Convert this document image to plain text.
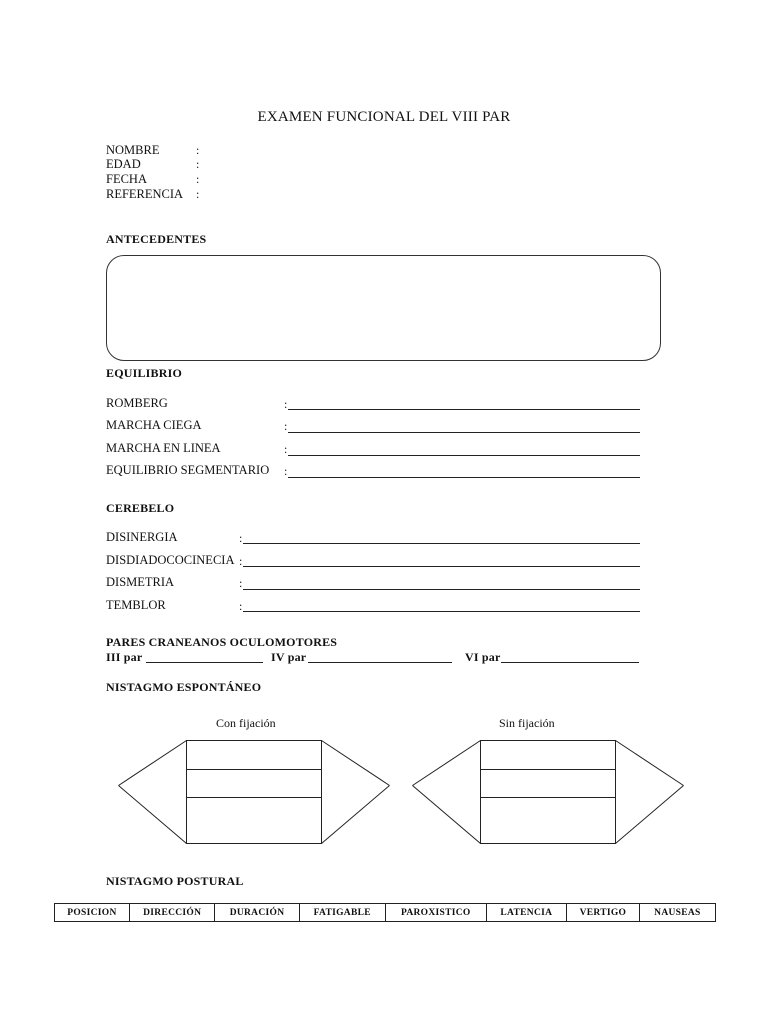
EXAMEN FUNCIONAL DEL VIII PAR
NOMBRE	:
EDAD	:
FECHA	:
REFERENCIA :
ANTECEDENTES
EQUILIBRIO
ROMBERG	:
MARCHA CIEGA	:
MARCHA EN LINEA	:
EQUILIBRIO SEGMENTARIO :
CEREBELO
DISINERGIA	:
DISDIADOCOCINECIA :
DISMETRIA	:
TEMBLOR	:
PARES CRANEANOS OCULOMOTORES
III par	IV par	VI par
NISTAGMO ESPONTÁNEO
Con fijación	Sin fijación
NISTAGMO POSTURAL
POSICION	DIRECCIÓN	DURACIÓN	FATIGABLE	PAROXISTICO	LATENCIA	VERTIGO	NAUSEAS
